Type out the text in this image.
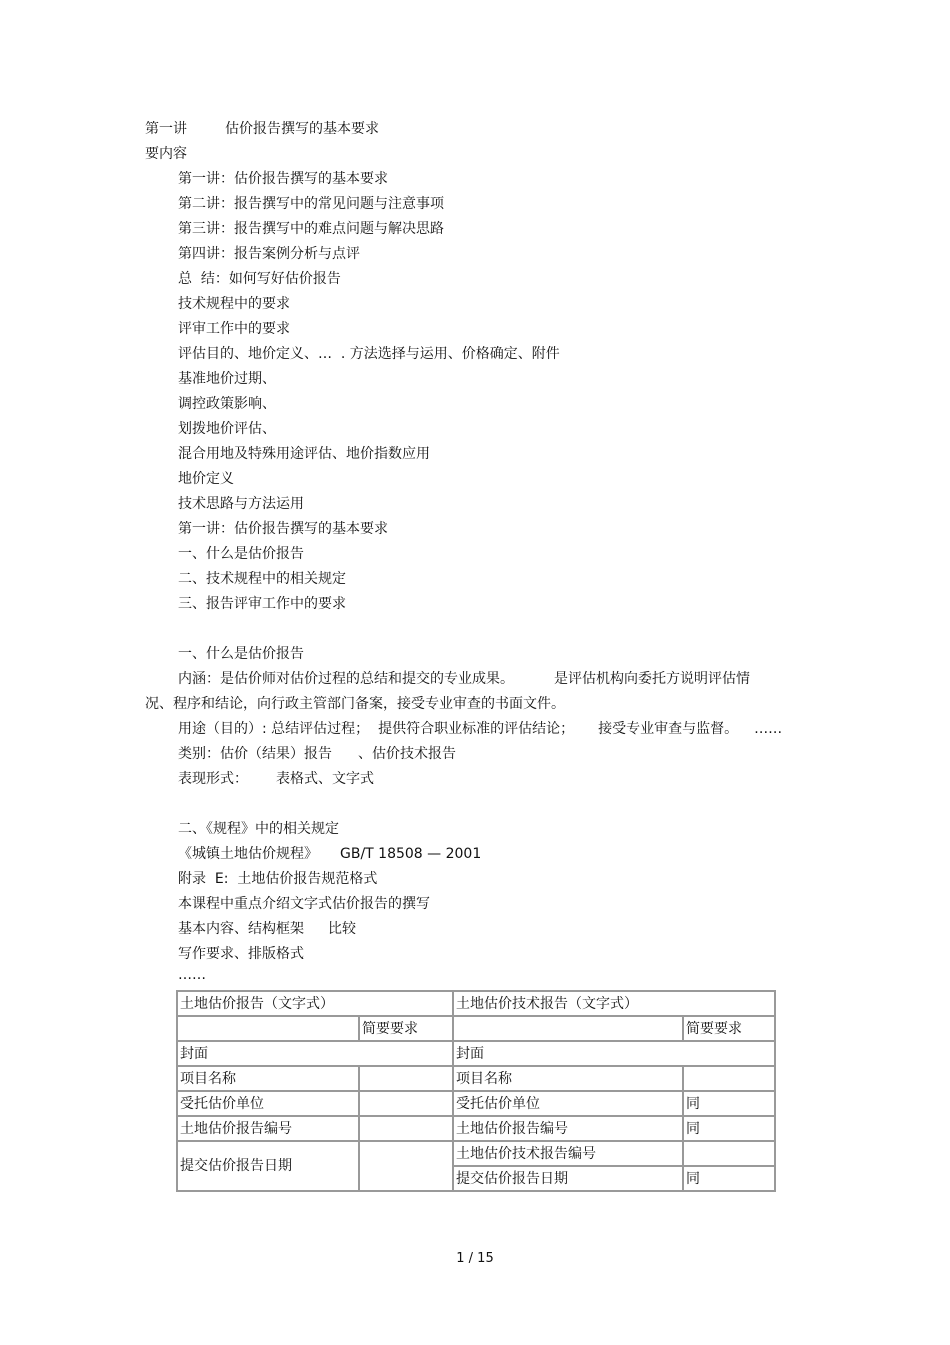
第一讲	估价报告撰写的基本要求
要内容
第一讲：估价报告撰写的基本要求
第二讲：报告撰写中的常见问题与注意事项
第三讲：报告撰写中的难点问题与解决思路
第四讲：报告案例分析与点评
总  结：如何写好估价报告
技术规程中的要求
评审工作中的要求
评估目的、地价定义、…  . 方法选择与运用、价格确定、附件
基准地价过期、
调控政策影响、
划拨地价评估、
混合用地及特殊用途评估、地价指数应用
地价定义
技术思路与方法运用
第一讲：估价报告撰写的基本要求
一、什么是估价报告
二、技术规程中的相关规定
三、报告评审工作中的要求
一、什么是估价报告
内涵：是估价师对估价过程的总结和提交的专业成果。	是评估机构向委托方说明评估情
况、程序和结论，向行政主管部门备案，接受专业审查的书面文件。
用途（目的）: 总结评估过程；  提供符合职业标准的评估结论； 接受专业审查与监督。 ……
类别：估价（结果）报告 、估价技术报告
表现形式： 表格式、文字式
二、《规程》中的相关规定
《城镇土地估价规程》 GB/T 18508 — 2001
附录  E:  土地估价报告规范格式
本课程中重点介绍文字式估价报告的撰写
基本内容、结构框架 比较
写作要求、排版格式
……
土地估价报告（文字式）		土地估价技术报告（文字式）	
	简要要求		简要要求
封面		封面	
项目名称		项目名称	
受托估价单位		受托估价单位	同
土地估价报告编号		土地估价报告编号	同
提交估价报告日期		土地估价技术报告编号	
		提交估价报告日期	同
1 / 15
